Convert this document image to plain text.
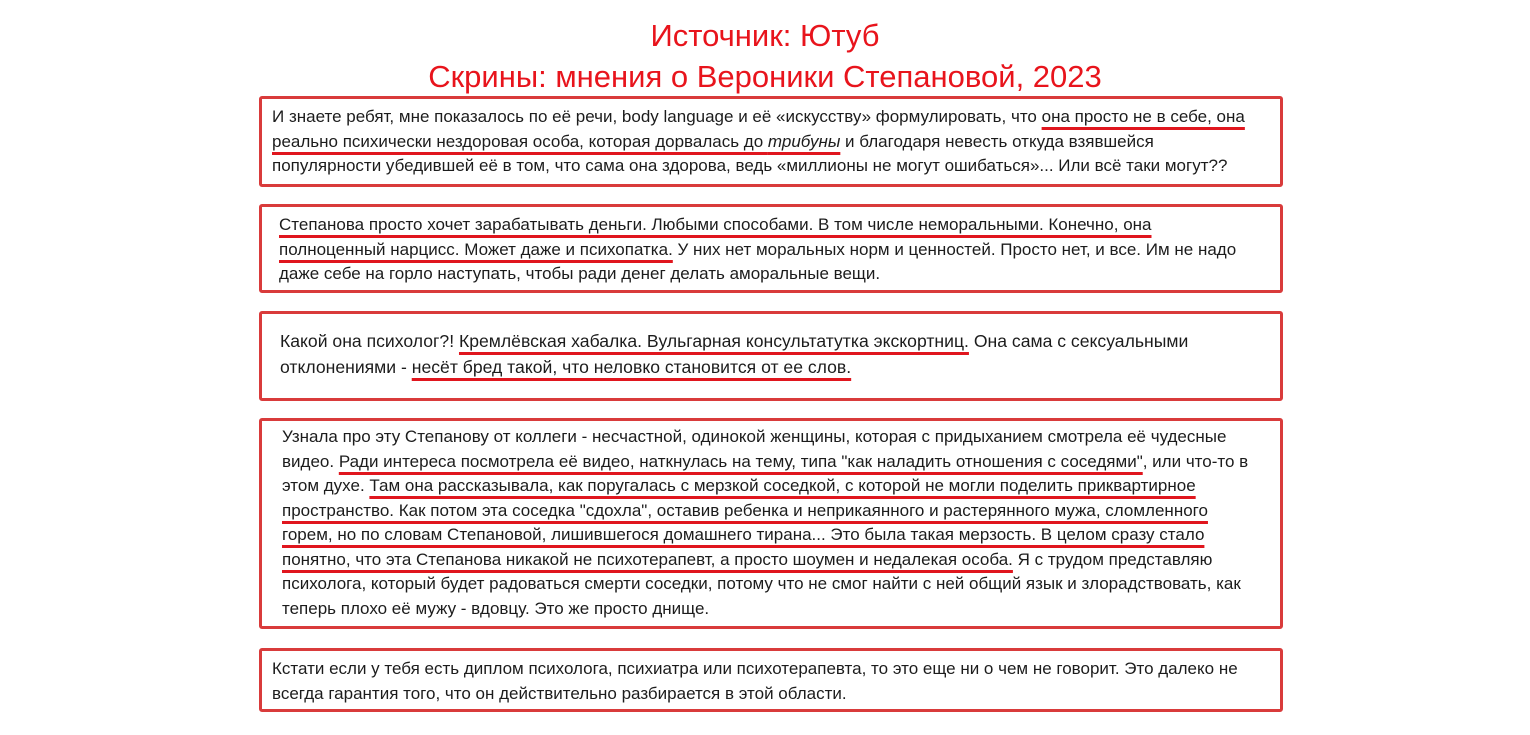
Источник: Ютуб
Скрины: мнения о Вероники Степановой, 2023
И знаете ребят, мне показалось по её речи, body language и её «искусству» формулировать, что она просто не в себе, она
реально психически нездоровая особа, которая дорвалась до трибуны и благодаря невесть откуда взявшейся
популярности убедившей её в том, что сама она здорова, ведь «миллионы не могут ошибаться»... Или всё таки могут??
Степанова просто хочет зарабатывать деньги. Любыми способами. В том числе неморальными. Конечно, она
полноценный нарцисс. Может даже и психопатка. У них нет моральных норм и ценностей. Просто нет, и все. Им не надо
даже себе на горло наступать, чтобы ради денег делать аморальные вещи.
Какой она психолог?! Кремлёвская хабалка. Вульгарная консультатутка экскортниц. Она сама с сексуальными
отклонениями - несёт бред такой, что неловко становится от ее слов.
Узнала про эту Степанову от коллеги - несчастной, одинокой женщины, которая с придыханием смотрела её чудесные
видео. Ради интереса посмотрела её видео, наткнулась на тему, типа "как наладить отношения с соседями", или что-то в
этом духе. Там она рассказывала, как поругалась с мерзкой соседкой, с которой не могли поделить приквартирное
пространство. Как потом эта соседка "сдохла", оставив ребенка и неприкаянного и растерянного мужа, сломленного
горем, но по словам Степановой, лишившегося домашнего тирана... Это была такая мерзость. В целом сразу стало
понятно, что эта Степанова никакой не психотерапевт, а просто шоумен и недалекая особа. Я с трудом представляю
психолога, который будет радоваться смерти соседки, потому что не смог найти с ней общий язык и злорадствовать, как
теперь плохо её мужу - вдовцу. Это же просто днище.
Кстати если у тебя есть диплом психолога, психиатра или психотерапевта, то это еще ни о чем не говорит. Это далеко не
всегда гарантия того, что он действительно разбирается в этой области.
